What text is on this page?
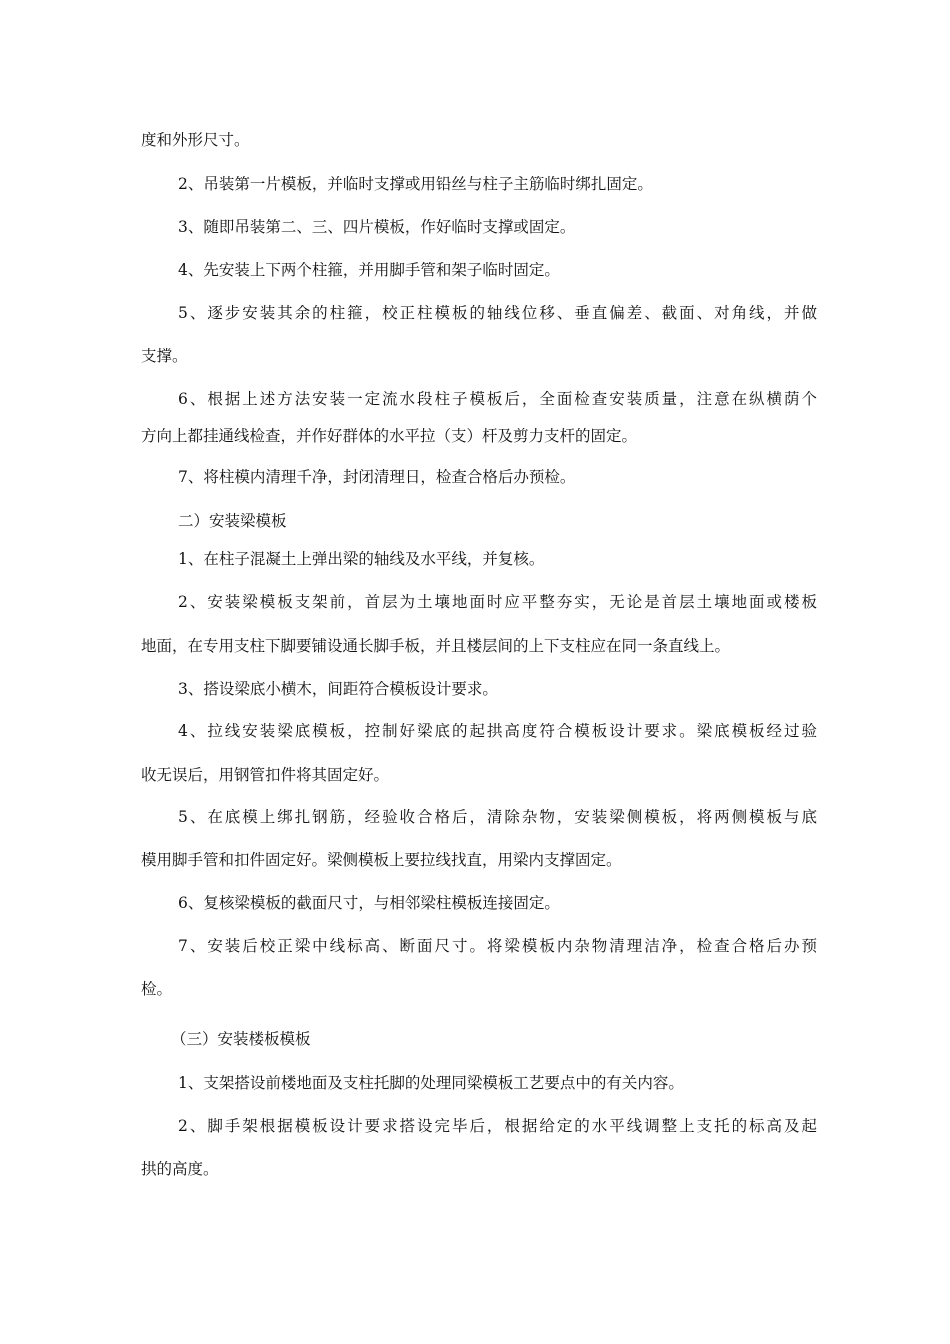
度和外形尺寸。
2、吊装第一片模板，并临时支撑或用铅丝与柱子主筋临时绑扎固定。
3、随即吊装第二、三、四片模板，作好临时支撑或固定。
4、先安装上下两个柱箍，并用脚手管和架子临时固定。
5、逐步安装其余的柱箍，校正柱模板的轴线位移、垂直偏差、截面、对角线，并做
支撑。
6、根据上述方法安装一定流水段柱子模板后，全面检查安装质量，注意在纵横荫个
方向上都挂通线检查，并作好群体的水平拉（支）杆及剪力支杆的固定。
7、将柱模内清理千净，封闭清理日，检查合格后办预检。
二）安装梁模板
1、在柱子混凝土上弹出梁的轴线及水平线，并复核。
2、安装梁模板支架前，首层为土壤地面时应平整夯实，无论是首层土壤地面或楼板
地面，在专用支柱下脚要铺设通长脚手板，并且楼层间的上下支柱应在同一条直线上。
3、搭设梁底小横木，间距符合模板设计要求。
4、拉线安装梁底模板，控制好梁底的起拱高度符合模板设计要求。梁底模板经过验
收无误后，用钢管扣件将其固定好。
5、在底模上绑扎钢筋，经验收合格后，清除杂物，安装梁侧模板，将两侧模板与底
模用脚手管和扣件固定好。梁侧模板上要拉线找直，用梁内支撑固定。
6、复核梁模板的截面尺寸，与相邻梁柱模板连接固定。
7、安装后校正梁中线标高、断面尺寸。将梁模板内杂物清理洁净，检查合格后办预
检。
（三）安装楼板模板
1、支架搭设前楼地面及支柱托脚的处理同梁模板工艺要点中的有关内容。
2、脚手架根据模板设计要求搭设完毕后，根据给定的水平线调整上支托的标高及起
拱的高度。
